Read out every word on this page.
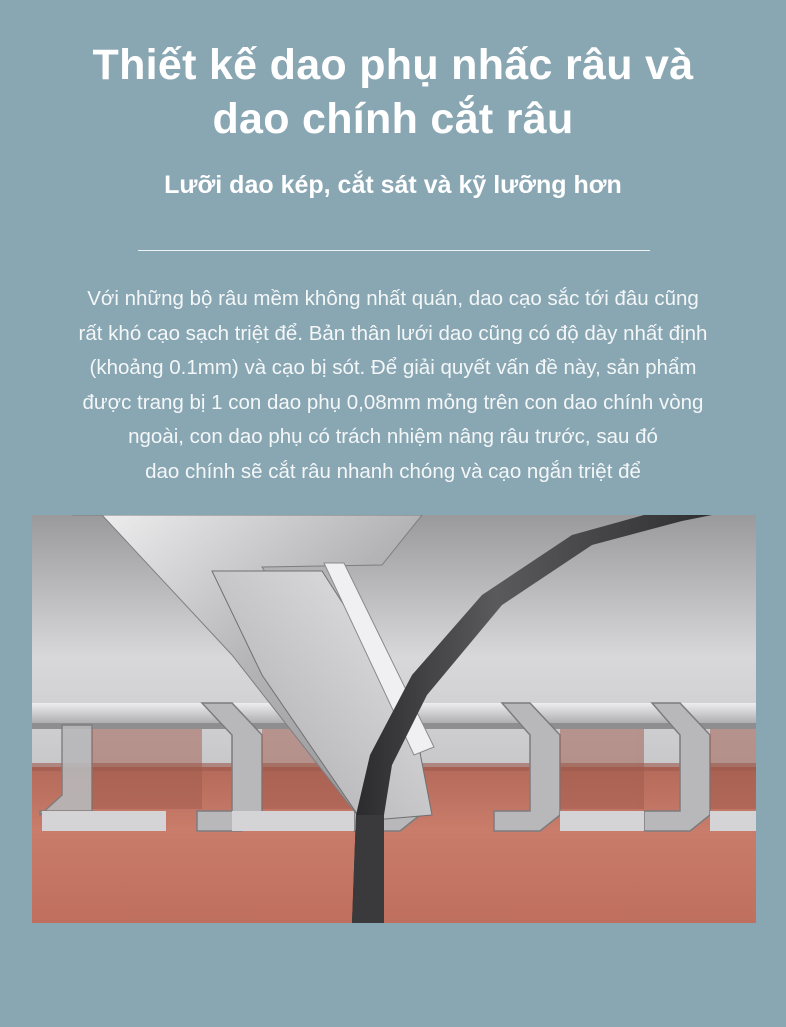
Thiết kế dao phụ nhấc râu và
dao chính cắt râu
Lưỡi dao kép, cắt sát và kỹ lưỡng hơn

Với những bộ râu mềm không nhất quán, dao cạo sắc tới đâu cũng
rất khó cạo sạch triệt để. Bản thân lưới dao cũng có độ dày nhất định
(khoảng 0.1mm) và cạo bị sót. Để giải quyết vấn đề này, sản phẩm
được trang bị 1 con dao phụ 0,08mm mỏng trên con dao chính vòng
ngoài, con dao phụ có trách nhiệm nâng râu trước, sau đó
dao chính sẽ cắt râu nhanh chóng và cạo ngắn triệt để
